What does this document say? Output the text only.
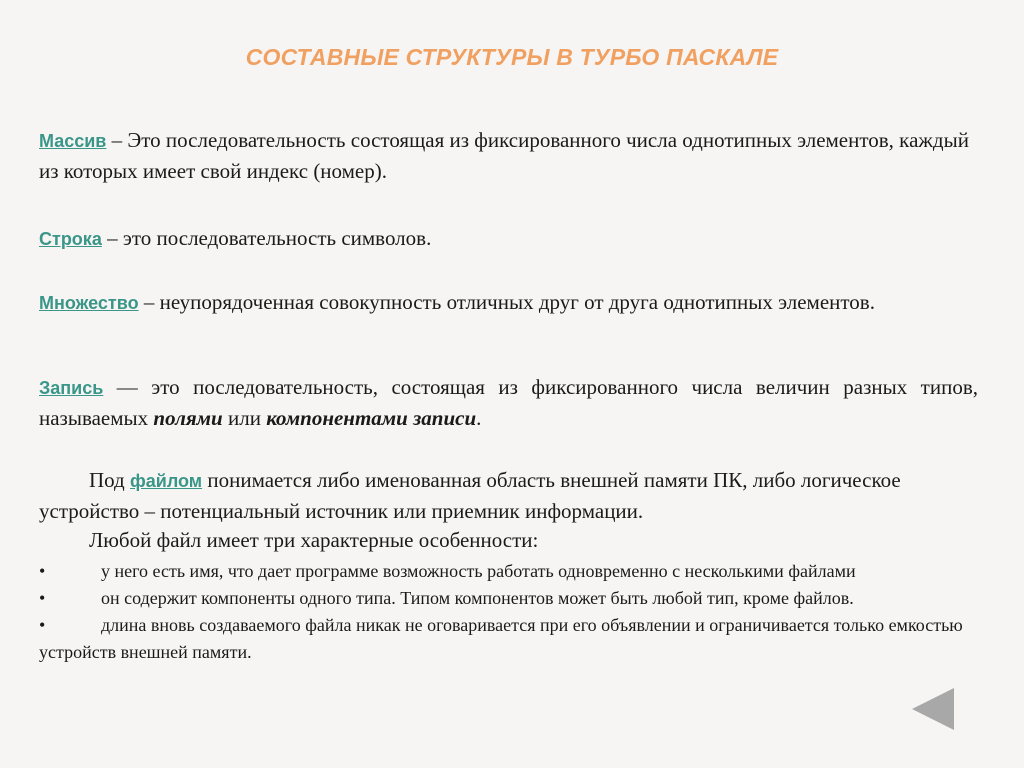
СОСТАВНЫЕ СТРУКТУРЫ В ТУРБО ПАСКАЛЕ
Массив – Это последовательность состоящая из фиксированного числа однотипных элементов, каждый из которых имеет свой индекс (номер).
Строка – это последовательность символов.
Множество – неупорядоченная совокупность отличных друг от друга однотипных элементов.
Запись — это последовательность, состоящая из фиксированного числа величин разных типов, называемых полями или компонентами записи.
Под файлом понимается либо именованная область внешней памяти ПК, либо логическое устройство – потенциальный источник или приемник информации.
Любой файл имеет три характерные особенности:

•	у него есть имя, что дает программе возможность работать одновременно с несколькими файлами

•	он содержит компоненты одного типа. Типом компонентов может быть любой тип, кроме файлов.

•	длина вновь создаваемого файла никак не оговаривается при его объявлении и ограничивается только емкостью устройств внешней памяти.
